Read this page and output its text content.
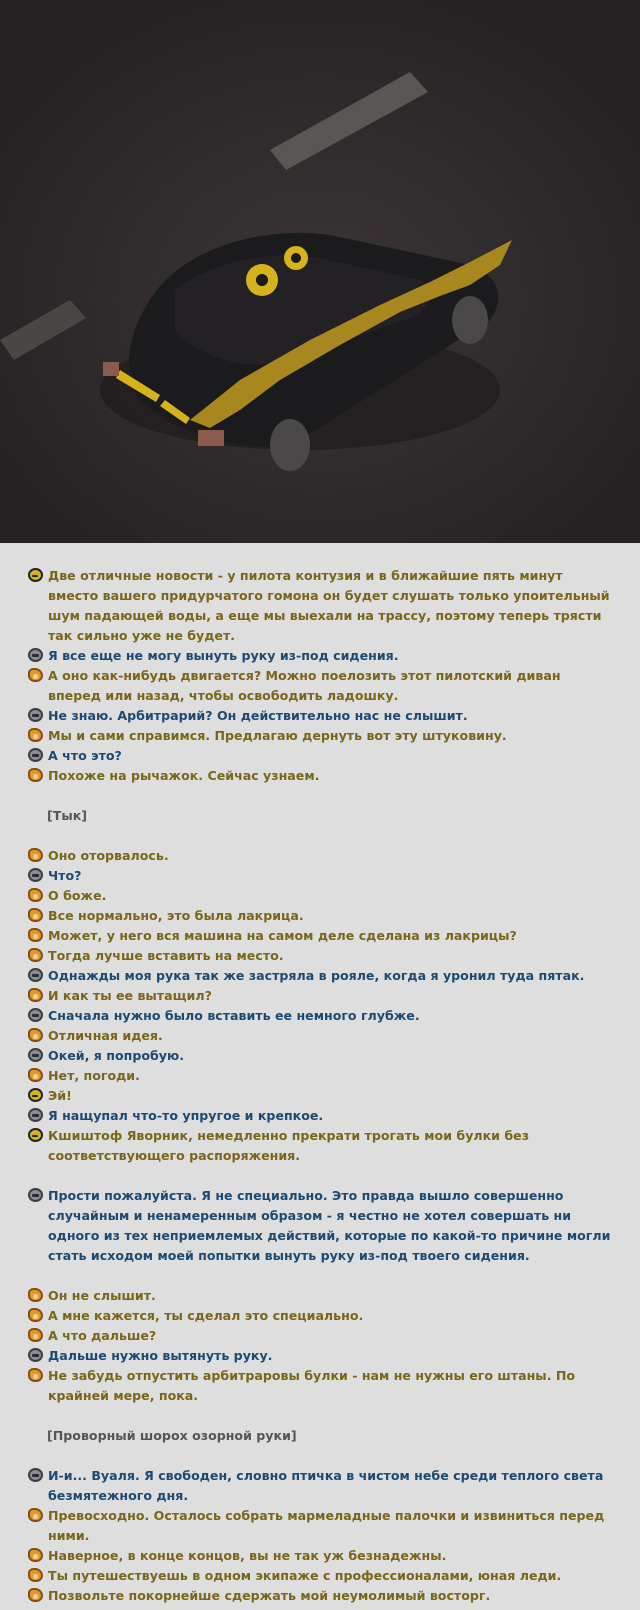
Две отличные новости - у пилота контузия и в ближайшие пять минут вместо вашего придурчатого гомона он будет слушать только упоительный шум падающей воды, а еще мы выехали на трассу, поэтому теперь трясти так сильно уже не будет.
Я все еще не могу вынуть руку из-под сидения.
А оно как-нибудь двигается? Можно поелозить этот пилотский диван вперед или назад, чтобы освободить ладошку.
Не знаю. Арбитрарий? Он действительно нас не слышит.
Мы и сами справимся. Предлагаю дернуть вот эту штуковину.
А что это?
Похоже на рычажок. Сейчас узнаем.

[Тык]

Оно оторвалось.
Что?
О боже.
Все нормально, это была лакрица.
Может, у него вся машина на самом деле сделана из лакрицы?
Тогда лучше вставить на место.
Однажды моя рука так же застряла в рояле, когда я уронил туда пятак.
И как ты ее вытащил?
Сначала нужно было вставить ее немного глубже.
Отличная идея.
Окей, я попробую.
Нет, погоди.
Эй!
Я нащупал что-то упругое и крепкое.
Кшиштоф Яворник, немедленно прекрати трогать мои булки без соответствующего распоряжения.
Прости пожалуйста. Я не специально. Это правда вышло совершенно случайным и ненамеренным образом - я честно не хотел совершать ни одного из тех неприемлемых действий, которые по какой-то причине могли стать исходом моей попытки вынуть руку из-под твоего сидения.
Он не слышит.
А мне кажется, ты сделал это специально.
А что дальше?
Дальше нужно вытянуть руку.
Не забудь отпустить арбитраровы булки - нам не нужны его штаны. По крайней мере, пока.

[Проворный шорох озорной руки]

И-и... Вуаля. Я свободен, словно птичка в чистом небе среди теплого света безмятежного дня.
Превосходно. Осталось собрать мармеладные палочки и извиниться перед ними.
Наверное, в конце концов, вы не так уж безнадежны.
Ты путешествуешь в одном экипаже с профессионалами, юная леди.
Позвольте покорнейше сдержать мой неумолимый восторг.
